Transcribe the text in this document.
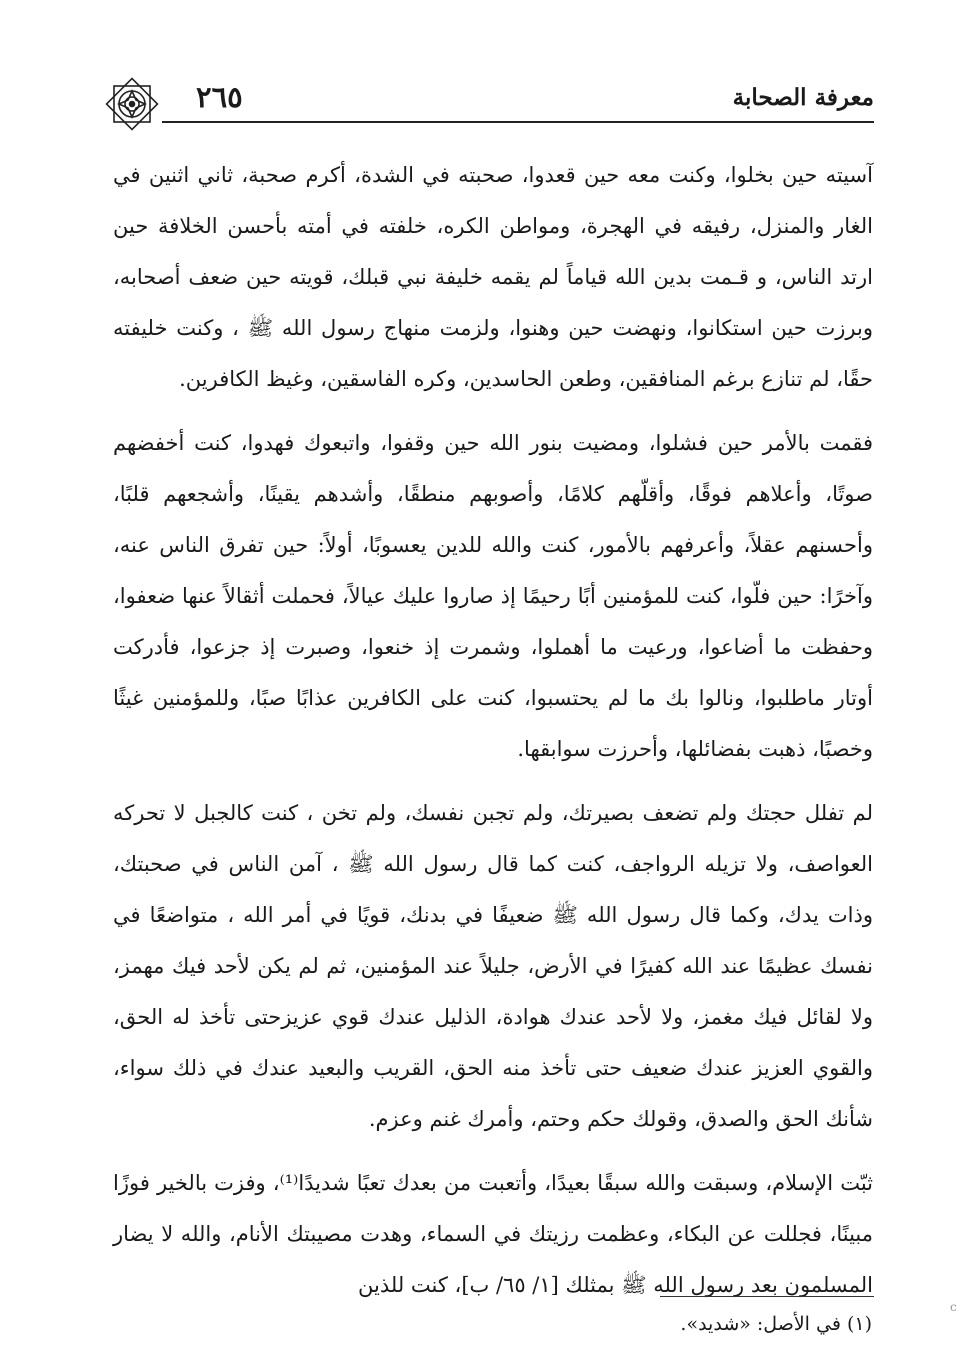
معرفة الصحابة
٢٦٥

آسيته حين بخلوا، وكنت معه حين قعدوا، صحبته في الشدة، أكرم صحبة، ثاني اثنين في الغار والمنزل، رفيقه في الهجرة، ومواطن الكره، خلفته في أمته بأحسن الخلافة حين ارتد الناس، و قـمت بدين الله قياماً لم يقمه خليفة نبي قبلك، قويته حين ضعف أصحابه، وبرزت حين استكانوا، ونهضت حين وهنوا، ولزمت منهاج رسول الله ﷺ ، وكنت خليفته حقًا، لم تنازع برغم المنافقين، وطعن الحاسدين، وكره الفاسقين، وغيظ الكافرين.

فقمت بالأمر حين فشلوا، ومضيت بنور الله حين وقفوا، واتبعوك فهدوا، كنت أخفضهم صوتًا، وأعلاهم فوقًا، وأقلّهم كلامًا، وأصوبهم منطقًا، وأشدهم يقينًا، وأشجعهم قلبًا، وأحسنهم عقلاً، وأعرفهم بالأمور، كنت والله للدين يعسوبًا، أولاً: حين تفرق الناس عنه، وآخرًا: حين فلّوا، كنت للمؤمنين أبًا رحيمًا إذ صاروا عليك عيالاً، فحملت أثقالاً عنها ضعفوا، وحفظت ما أضاعوا، ورعيت ما أهملوا، وشمرت إذ خنعوا، وصبرت إذ جزعوا، فأدركت أوتار ماطلبوا، ونالوا بك ما لم يحتسبوا، كنت على الكافرين عذابًا صبًا، وللمؤمنين غيثًا وخصبًا، ذهبت بفضائلها، وأحرزت سوابقها.

لم تفلل حجتك ولم تضعف بصيرتك، ولم تجبن نفسك، ولم تخن ، كنت كالجبل لا تحركه العواصف، ولا تزيله الرواجف، كنت كما قال رسول الله ﷺ ، آمن الناس في صحبتك، وذات يدك، وكما قال رسول الله ﷺ ضعيفًا في بدنك، قويًا في أمر الله ، متواضعًا في نفسك عظيمًا عند الله كفيرًا في الأرض، جليلاً عند المؤمنين، ثم لم يكن لأحد فيك مهمز، ولا لقائل فيك مغمز، ولا لأحد عندك هوادة، الذليل عندك قوي عزيزحتى تأخذ له الحق، والقوي العزيز عندك ضعيف حتى تأخذ منه الحق، القريب والبعيد عندك في ذلك سواء، شأنك الحق والصدق، وقولك حكم وحتم، وأمرك غنم وعزم.

ثبّت الإسلام، وسبقت والله سبقًا بعيدًا، وأتعبت من بعدك تعبًا شديدًا⁽¹⁾، وفزت بالخير فوزًا مبينًا، فجللت عن البكاء، وعظمت رزيتك في السماء، وهدت مصيبتك الأنام، والله لا يضار المسلمون بعد رسول الله ﷺ بمثلك [١/ ٦٥/ ب]، كنت للذين

(١) في الأصل: «شديد».
c
